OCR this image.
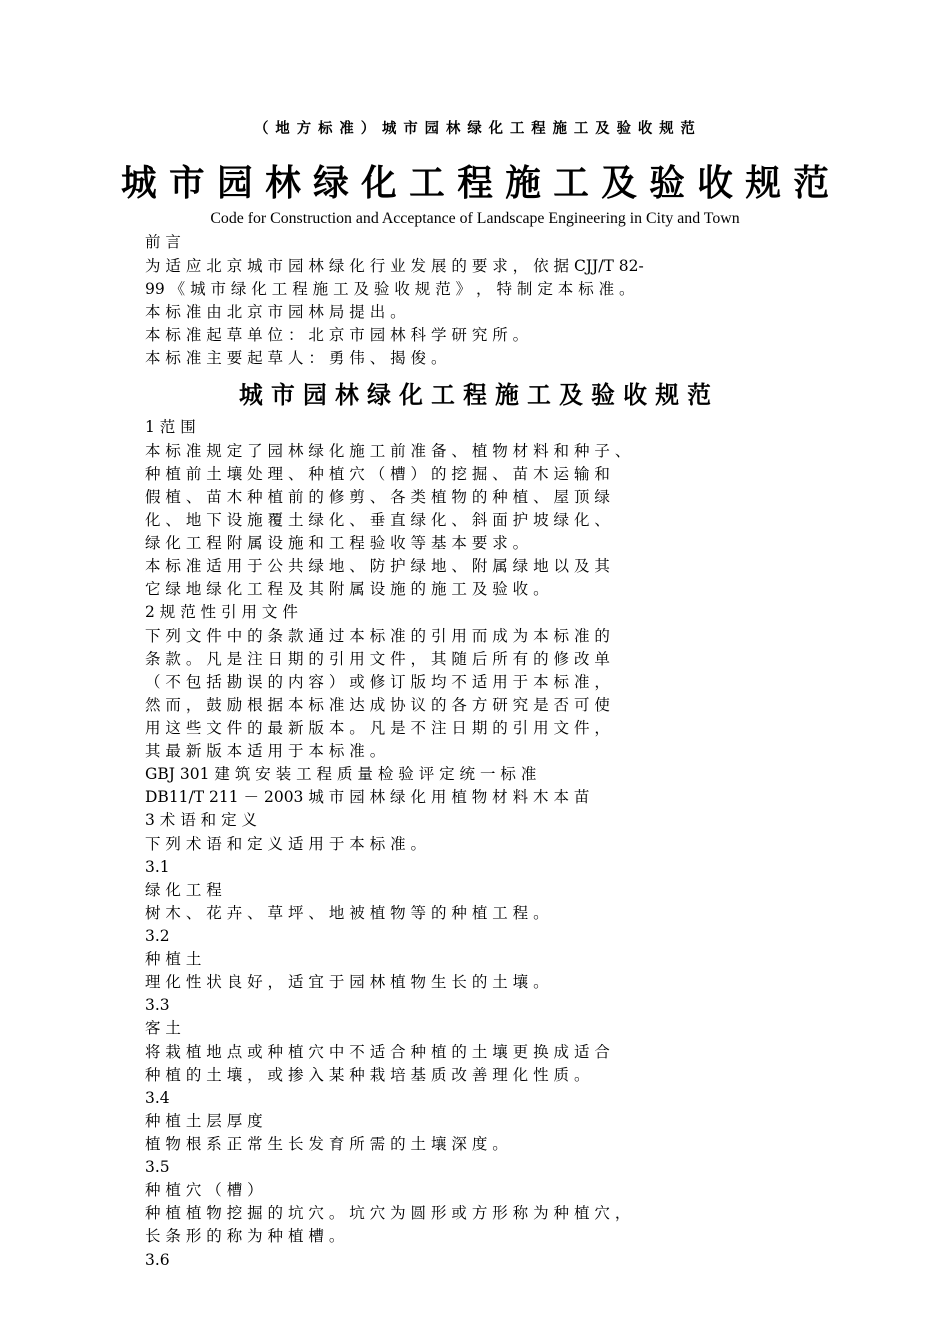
（ 地 方 标 准 ） 城 市 园 林 绿 化 工 程 施 工 及 验 收 规 范
城 市 园 林 绿 化 工 程 施 工 及 验 收 规 范
Code for Construction and Acceptance of Landscape Engineering in City and Town
前 言
为 适 应 北 京 城 市 园 林 绿 化 行 业 发 展 的 要 求 ， 依 据 CJJ/T 82-
99 《 城 市 绿 化 工 程 施 工 及 验 收 规 范 》 ， 特 制 定 本 标 准 。
本 标 准 由 北 京 市 园 林 局 提 出 。
本 标 准 起 草 单 位 ： 北 京 市 园 林 科 学 研 究 所 。
本 标 准 主 要 起 草 人 ： 勇 伟 、 揭 俊 。
城 市 园 林 绿 化 工 程 施 工 及 验 收 规 范
1 范 围
本 标 准 规 定 了 园 林 绿 化 施 工 前 准 备 、 植 物 材 料 和 种 子 、
种 植 前 土 壤 处 理 、 种 植 穴 （ 槽 ） 的 挖 掘 、 苗 木 运 输 和
假 植 、 苗 木 种 植 前 的 修 剪 、 各 类 植 物 的 种 植 、 屋 顶 绿
化 、 地 下 设 施 覆 土 绿 化 、 垂 直 绿 化 、 斜 面 护 坡 绿 化 、
绿 化 工 程 附 属 设 施 和 工 程 验 收 等 基 本 要 求 。
本 标 准 适 用 于 公 共 绿 地 、 防 护 绿 地 、 附 属 绿 地 以 及 其
它 绿 地 绿 化 工 程 及 其 附 属 设 施 的 施 工 及 验 收 。
2 规 范 性 引 用 文 件
下 列 文 件 中 的 条 款 通 过 本 标 准 的 引 用 而 成 为 本 标 准 的
条 款 。 凡 是 注 日 期 的 引 用 文 件 ， 其 随 后 所 有 的 修 改 单
（ 不 包 括 勘 误 的 内 容 ） 或 修 订 版 均 不 适 用 于 本 标 准 ，
然 而 ， 鼓 励 根 据 本 标 准 达 成 协 议 的 各 方 研 究 是 否 可 使
用 这 些 文 件 的 最 新 版 本 。 凡 是 不 注 日 期 的 引 用 文 件 ，
其 最 新 版 本 适 用 于 本 标 准 。
GBJ 301 建 筑 安 装 工 程 质 量 检 验 评 定 统 一 标 准
DB11/T 211 － 2003 城 市 园 林 绿 化 用 植 物 材 料 木 本 苗
3 术 语 和 定 义
下 列 术 语 和 定 义 适 用 于 本 标 准 。
3.1
绿 化 工 程
树 木 、 花 卉 、 草 坪 、 地 被 植 物 等 的 种 植 工 程 。
3.2
种 植 土
理 化 性 状 良 好 ， 适 宜 于 园 林 植 物 生 长 的 土 壤 。
3.3
客 土
将 栽 植 地 点 或 种 植 穴 中 不 适 合 种 植 的 土 壤 更 换 成 适 合
种 植 的 土 壤 ， 或 掺 入 某 种 栽 培 基 质 改 善 理 化 性 质 。
3.4
种 植 土 层 厚 度
植 物 根 系 正 常 生 长 发 育 所 需 的 土 壤 深 度 。
3.5
种 植 穴 （ 槽 ）
种 植 植 物 挖 掘 的 坑 穴 。 坑 穴 为 圆 形 或 方 形 称 为 种 植 穴 ，
长 条 形 的 称 为 种 植 槽 。
3.6
